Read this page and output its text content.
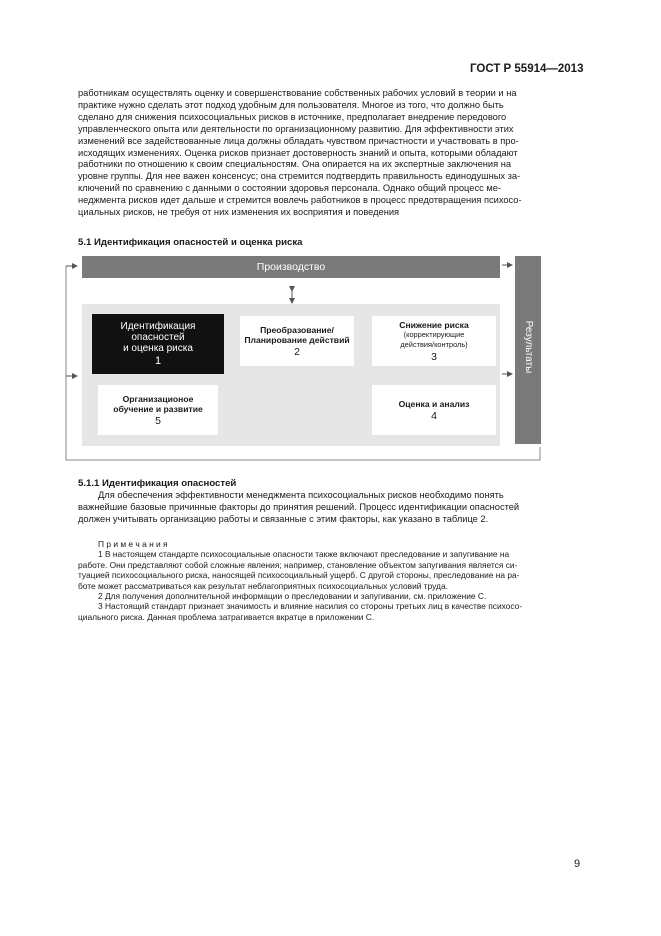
ГОСТ Р 55914—2013

работникам осуществлять оценку и совершенствование собственных рабочих условий в теории и на

практике нужно сделать этот подход удобным для пользователя. Многое из того, что должно быть

сделано для снижения психосоциальных рисков в источнике, предполагает внедрение передового

управленческого опыта или деятельности по организационному развитию. Для эффективности этих

изменений все задействованные лица должны обладать чувством причастности и участвовать в про-

исходящих изменениях. Оценка рисков признает достоверность знаний и опыта, которыми обладают

работники по отношению к своим специальностям. Она опирается на их экспертные заключения на

уровне группы. Для нее важен консенсус; она стремится подтвердить правильность единодушных за-

ключений по сравнению с данными о состоянии здоровья персонала. Однако общий процесс ме-

неджмента рисков идет дальше и стремится вовлечь работников в процесс предотвращения психосо-

циальных рисков, не требуя от них изменения их восприятия и поведения

5.1 Идентификация опасностей и оценка риска
Производство
Результаты
Идентификация
опасностей
и оценка риска
1
Преобразование/
Планирование действий
2
Снижение риска
(корректирующие
действия/контроль)
3
Оценка и анализ
4
Организационое
обучение и развитие
5
5.1.1 Идентификация опасностей

Для обеспечения эффективности менеджмента психосоциальных рисков необходимо понять

важнейшие базовые причинные факторы до принятия решений. Процесс идентификации опасностей

должен учитывать организацию работы и связанные с этим факторы, как указано в таблице 2.

П р и м е ч а н и я

1 В настоящем стандарте психосоциальные опасности также включают преследование и запугивание на

работе. Они представляют собой сложные явления; например, становление объектом запугивания является си-

туацией психосоциального риска, наносящей психосоциальный ущерб. С другой стороны, преследование на ра-

боте может рассматриваться как результат неблагоприятных психосоциальных условий труда.

2 Для получения дополнительной информации о преследовании и запугивании, см. приложение С.

3 Настоящий стандарт признает значимость и влияние насилия со стороны третьих лиц в качестве психосо-

циального риска. Данная проблема затрагивается вкратце в приложении С.

9
